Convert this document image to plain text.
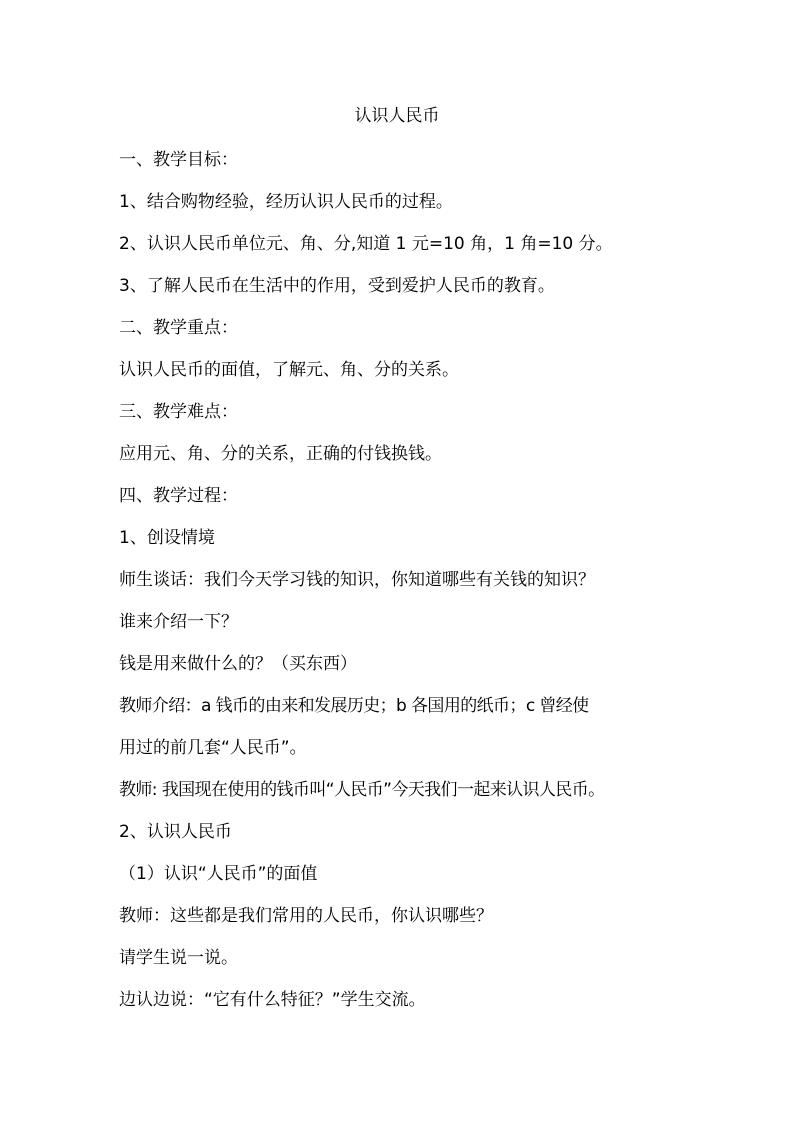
认识人民币
一、教学目标：
1、结合购物经验，经历认识人民币的过程。
2、认识人民币单位元、角、分,知道 1 元=10 角，1 角=10 分。
3、了解人民币在生活中的作用，受到爱护人民币的教育。
二、教学重点：
认识人民币的面值，了解元、角、分的关系。
三、教学难点：
应用元、角、分的关系，正确的付钱换钱。
四、教学过程：
1、创设情境
师生谈话：我们今天学习钱的知识，你知道哪些有关钱的知识？
谁来介绍一下？
钱是用来做什么的？（买东西）
教师介绍：a 钱币的由来和发展历史；b 各国用的纸币；c 曾经使
用过的前几套“人民币”。
教师: 我国现在使用的钱币叫“人民币”今天我们一起来认识人民币。
2、认识人民币
（1）认识“人民币”的面值
教师：这些都是我们常用的人民币，你认识哪些？
请学生说一说。
边认边说：“它有什么特征？”学生交流。
